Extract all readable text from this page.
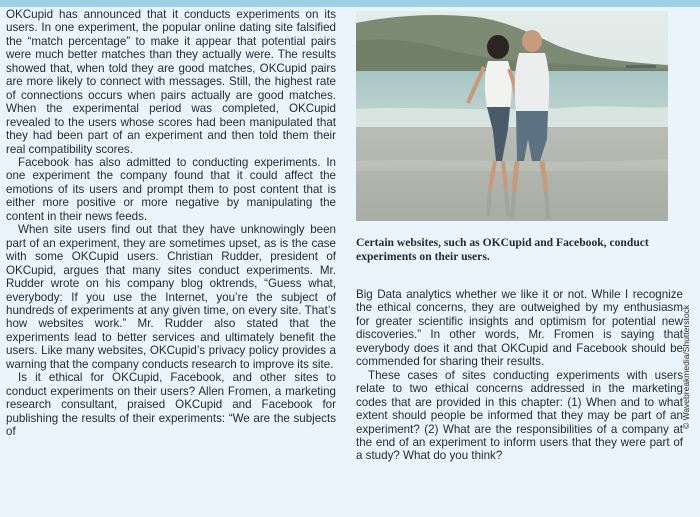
OKCupid has announced that it conducts experiments on its users. In one experiment, the popular online dating site falsified the “match percentage” to make it appear that potential pairs were much better matches than they actually were. The results showed that, when told they are good matches, OKCupid pairs are more likely to connect with messages. Still, the highest rate of connections occurs when pairs actually are good matches. When the experimental period was completed, OKCupid revealed to the users whose scores had been manipulated that they had been part of an experiment and then told them their real compatibility scores.

Facebook has also admitted to conducting experiments. In one experiment the company found that it could affect the emotions of its users and prompt them to post content that is either more positive or more negative by manipulating the content in their news feeds.

When site users find out that they have unknowingly been part of an experiment, they are sometimes upset, as is the case with some OKCupid users. Christian Rudder, president of OKCupid, argues that many sites conduct experiments. Mr. Rudder wrote on his company blog oktrends, “Guess what, everybody: If you use the Internet, you’re the subject of hundreds of experiments at any given time, on every site. That’s how websites work.” Mr. Rudder also stated that the experiments lead to better services and ultimately benefit the users. Like many websites, OKCupid’s privacy policy provides a warning that the company conducts research to improve its site.

Is it ethical for OKCupid, Facebook, and other sites to conduct experiments on their users? Allen Fromen, a marketing research consultant, praised OKCupid and Facebook for publishing the results of their experiments: “We are the subjects of

© Wavebreakmedia/Shutterstock
Certain websites, such as OKCupid and Facebook, conduct experiments on their users.

Big Data analytics whether we like it or not. While I recognize the ethical concerns, they are outweighed by my enthusiasm for greater scientific insights and optimism for potential new discoveries.” In other words, Mr. Fromen is saying that everybody does it and that OKCupid and Facebook should be commended for sharing their results.

These cases of sites conducting experiments with users relate to two ethical concerns addressed in the marketing codes that are provided in this chapter: (1) When and to what extent should people be informed that they may be part of an experiment? (2) What are the responsibilities of a company at the end of an experiment to inform users that they were part of a study? What do you think?
